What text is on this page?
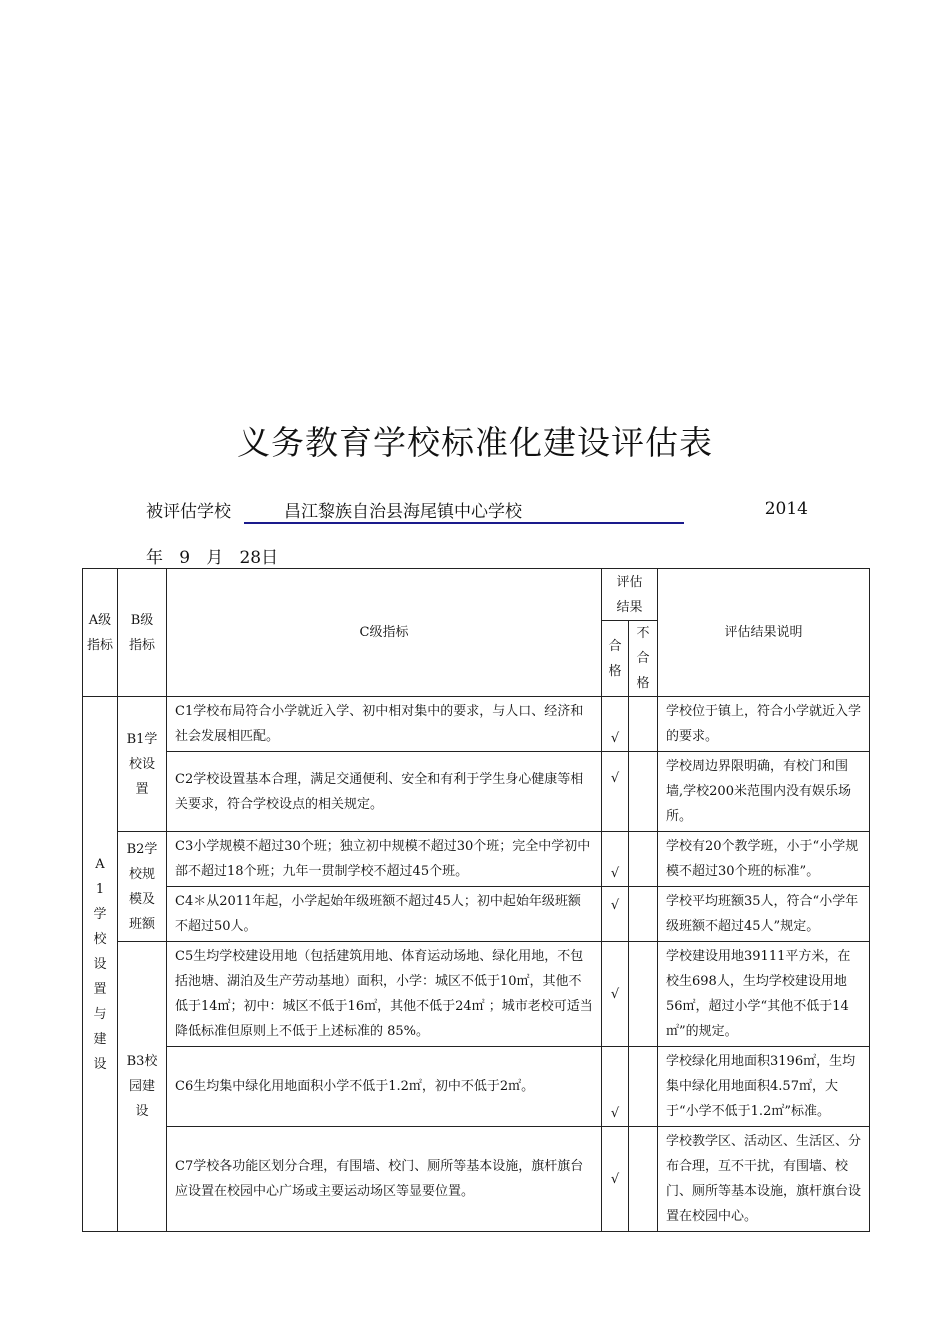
义务教育学校标准化建设评估表
被评估学校	昌江黎族自治县海尾镇中心学校	2014
年   9   月   28日
A级指标	B级指标	C级指标	评估结果		评估结果说明
			合格	不合格	
A1学校设置与建设	B1学校设置	C1学校布局符合小学就近入学、初中相对集中的要求，与人口、经济和社会发展相匹配。	√		学校位于镇上，符合小学就近入学的要求。
		C2学校设置基本合理，满足交通便利、安全和有利于学生身心健康等相关要求，符合学校设点的相关规定。	√		学校周边界限明确，有校门和围墙,学校200米范围内没有娱乐场所。
	B2学校规模及班额	C3小学规模不超过30个班；独立初中规模不超过30个班；完全中学初中部不超过18个班；九年一贯制学校不超过45个班。	√		学校有20个教学班，小于“小学规模不超过30个班的标准”。
		C4＊从2011年起，小学起始年级班额不超过45人；初中起始年级班额不超过50人。	√		学校平均班额35人，符合“小学年级班额不超过45人”规定。
	B3校园建设	C5生均学校建设用地（包括建筑用地、体育运动场地、绿化用地，不包括池塘、湖泊及生产劳动基地）面积，小学：城区不低于10㎡，其他不低于14㎡；初中：城区不低于16㎡，其他不低于24㎡ ；城市老校可适当降低标准但原则上不低于上述标准的 85%。	√		学校建设用地39111平方米，在校生698人，生均学校建设用地56㎡，超过小学“其他不低于14㎡”的规定。
		C6生均集中绿化用地面积小学不低于1.2㎡，初中不低于2㎡。	√		学校绿化用地面积3196㎡，生均集中绿化用地面积4.57㎡，大于“小学不低于1.2㎡”标准。
		C7学校各功能区划分合理，有围墙、校门、厕所等基本设施，旗杆旗台应设置在校园中心广场或主要运动场区等显要位置。	√		学校教学区、活动区、生活区、分布合理，互不干扰，有围墙、校门、厕所等基本设施，旗杆旗台设置在校园中心。
